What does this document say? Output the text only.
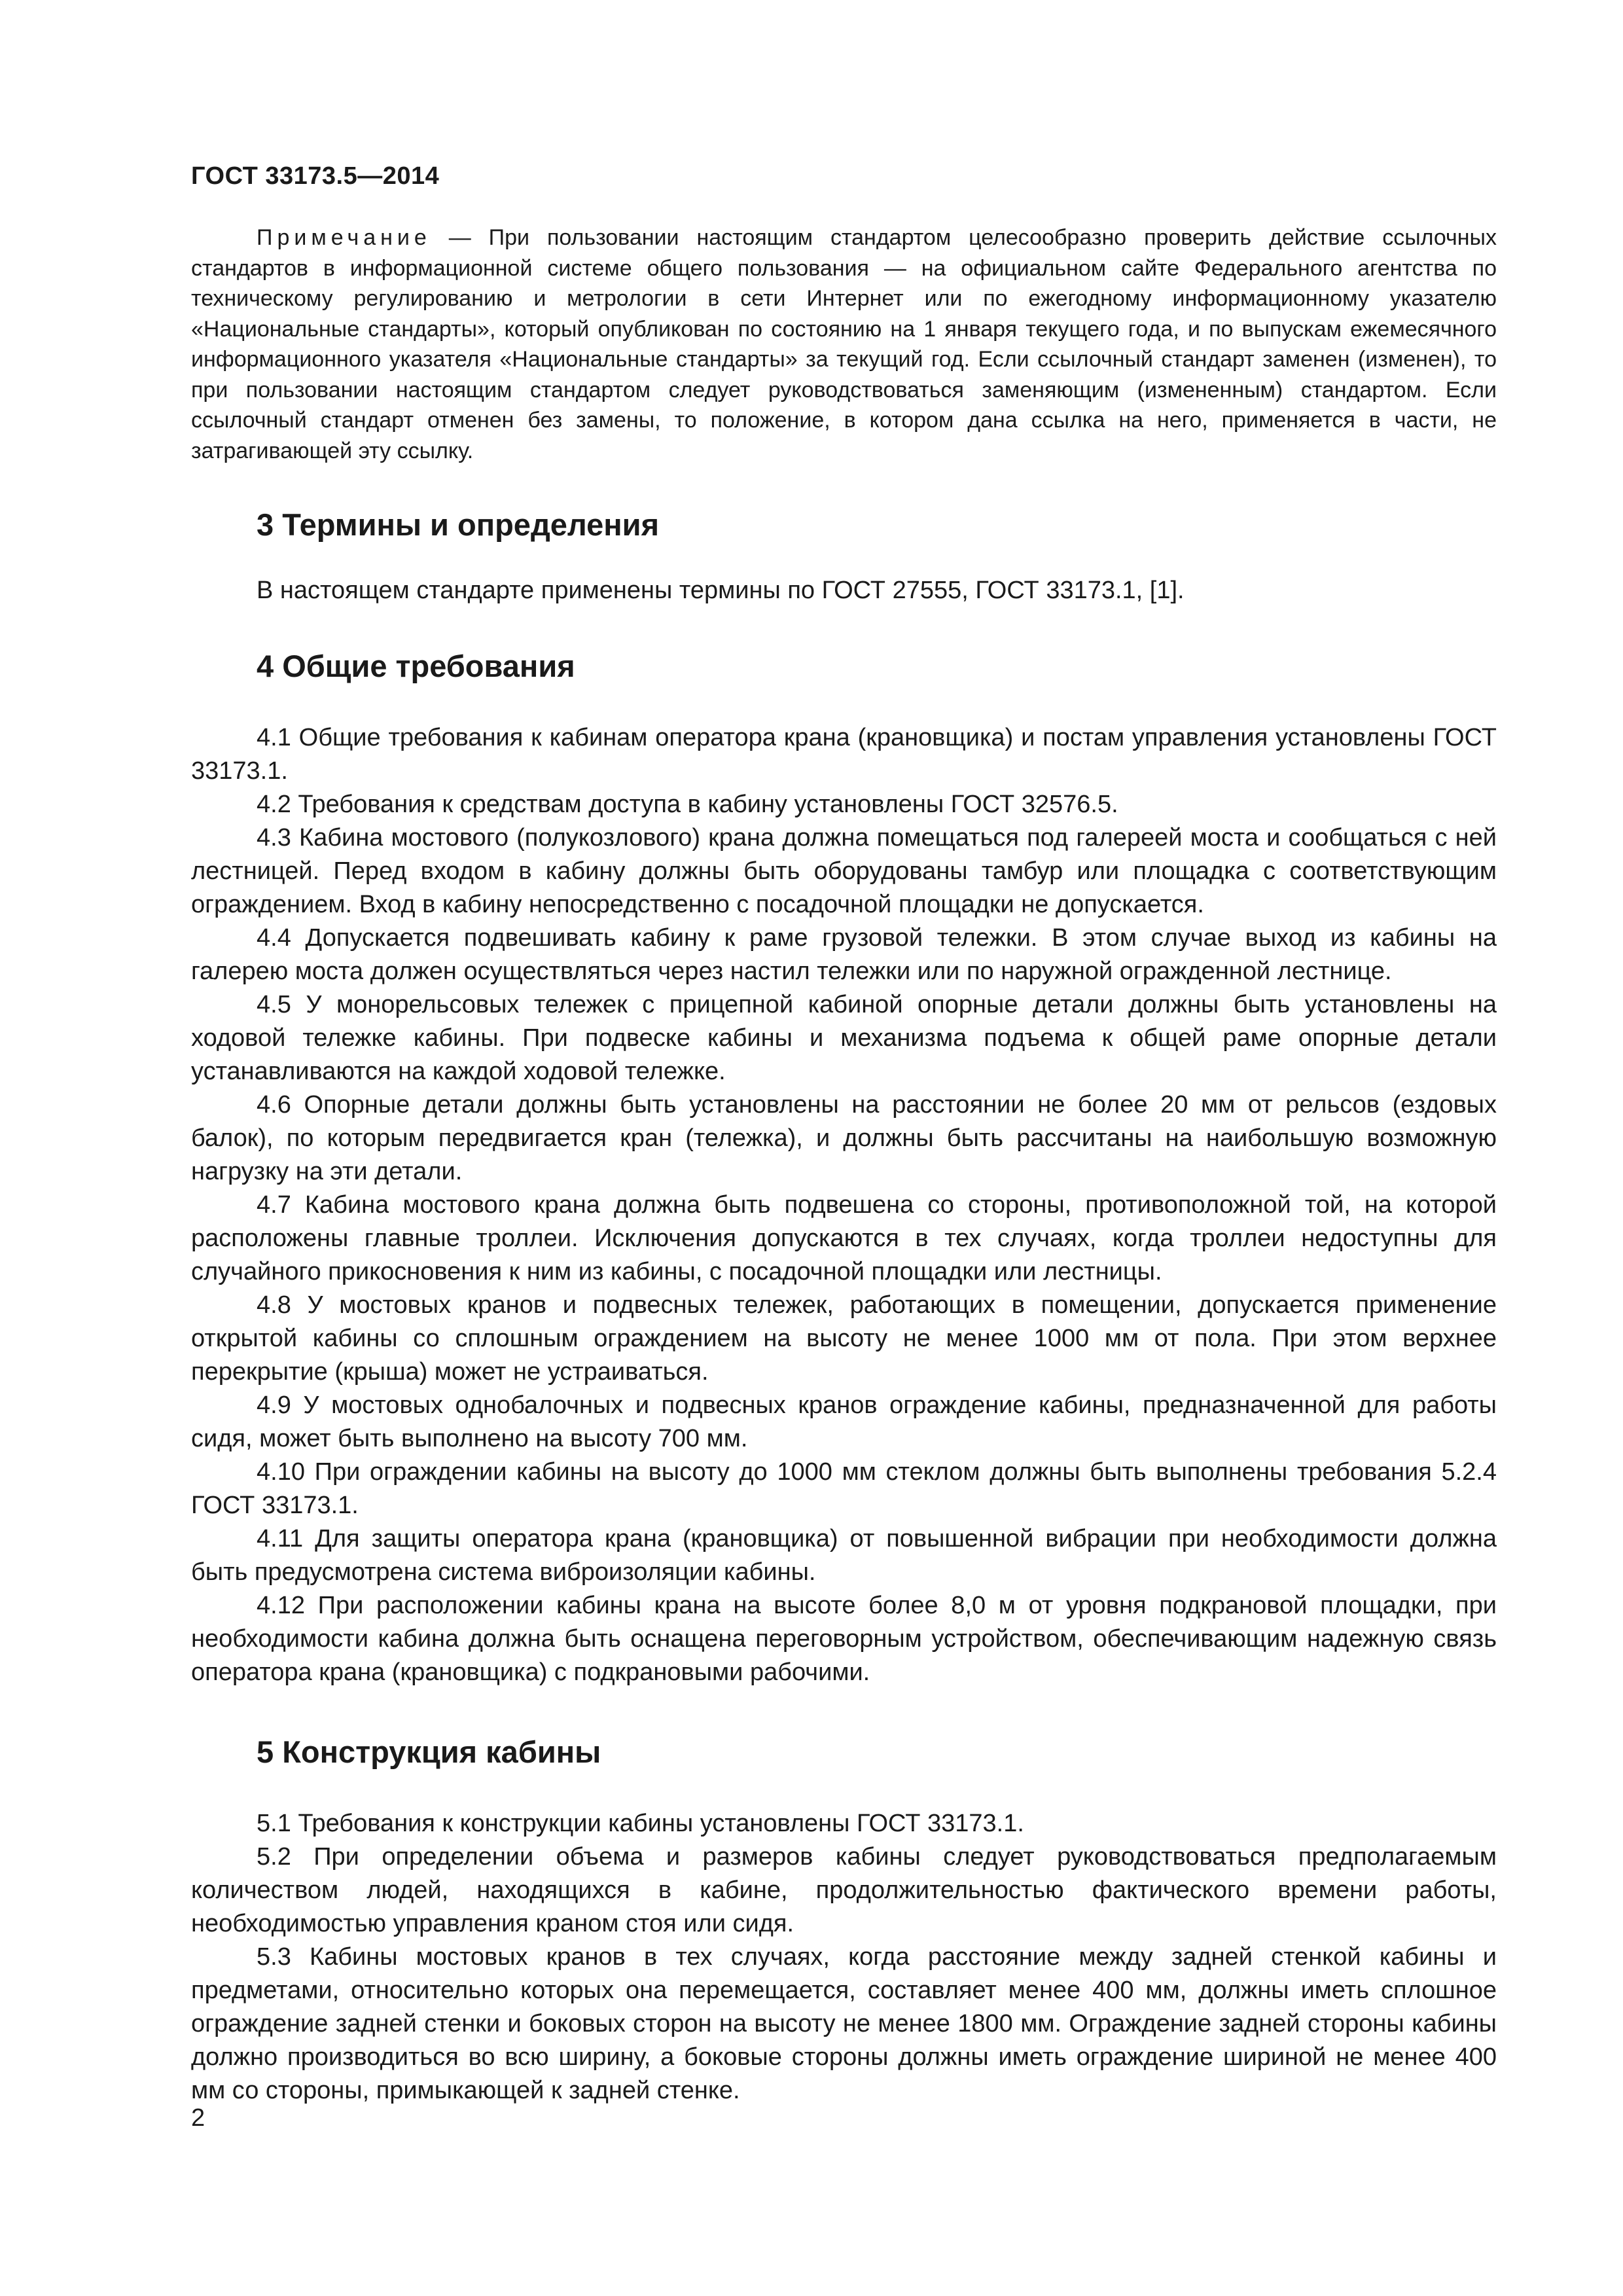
ГОСТ 33173.5—2014

Примечание — При пользовании настоящим стандартом целесообразно проверить действие ссылочных стандартов в информационной системе общего пользования — на официальном сайте Федерального агентства по техническому регулированию и метрологии в сети Интернет или по ежегодному информационному указателю «Национальные стандарты», который опубликован по состоянию на 1 января текущего года, и по выпускам ежемесячного информационного указателя «Национальные стандарты» за текущий год. Если ссылочный стандарт заменен (изменен), то при пользовании настоящим стандартом следует руководствоваться заменяющим (измененным) стандартом. Если ссылочный стандарт отменен без замены, то положение, в котором дана ссылка на него, применяется в части, не затрагивающей эту ссылку.

3 Термины и определения

В настоящем стандарте применены термины по ГОСТ 27555, ГОСТ 33173.1, [1].

4 Общие требования

4.1 Общие требования к кабинам оператора крана (крановщика) и постам управления установлены ГОСТ 33173.1.

4.2 Требования к средствам доступа в кабину установлены ГОСТ 32576.5.

4.3 Кабина мостового (полукозлового) крана должна помещаться под галереей моста и сообщаться с ней лестницей. Перед входом в кабину должны быть оборудованы тамбур или площадка с соответствующим ограждением. Вход в кабину непосредственно с посадочной площадки не допускается.

4.4 Допускается подвешивать кабину к раме грузовой тележки. В этом случае выход из кабины на галерею моста должен осуществляться через настил тележки или по наружной огражденной лестнице.

4.5 У монорельсовых тележек с прицепной кабиной опорные детали должны быть установлены на ходовой тележке кабины. При подвеске кабины и механизма подъема к общей раме опорные детали устанавливаются на каждой ходовой тележке.

4.6 Опорные детали должны быть установлены на расстоянии не более 20 мм от рельсов (ездовых балок), по которым передвигается кран (тележка), и должны быть рассчитаны на наибольшую возможную нагрузку на эти детали.

4.7 Кабина мостового крана должна быть подвешена со стороны, противоположной той, на которой расположены главные троллеи. Исключения допускаются в тех случаях, когда троллеи недоступны для случайного прикосновения к ним из кабины, с посадочной площадки или лестницы.

4.8 У мостовых кранов и подвесных тележек, работающих в помещении, допускается применение открытой кабины со сплошным ограждением на высоту не менее 1000 мм от пола. При этом верхнее перекрытие (крыша) может не устраиваться.

4.9 У мостовых однобалочных и подвесных кранов ограждение кабины, предназначенной для работы сидя, может быть выполнено на высоту 700 мм.

4.10 При ограждении кабины на высоту до 1000 мм стеклом должны быть выполнены требования 5.2.4 ГОСТ 33173.1.

4.11 Для защиты оператора крана (крановщика) от повышенной вибрации при необходимости должна быть предусмотрена система виброизоляции кабины.

4.12 При расположении кабины крана на высоте более 8,0 м от уровня подкрановой площадки, при необходимости кабина должна быть оснащена переговорным устройством, обеспечивающим надежную связь оператора крана (крановщика) с подкрановыми рабочими.

5 Конструкция кабины

5.1 Требования к конструкции кабины установлены ГОСТ 33173.1.

5.2 При определении объема и размеров кабины следует руководствоваться предполагаемым количеством людей, находящихся в кабине, продолжительностью фактического времени работы, необходимостью управления краном стоя или сидя.

5.3 Кабины мостовых кранов в тех случаях, когда расстояние между задней стенкой кабины и предметами, относительно которых она перемещается, составляет менее 400 мм, должны иметь сплошное ограждение задней стенки и боковых сторон на высоту не менее 1800 мм. Ограждение задней стороны кабины должно производиться во всю ширину, а боковые стороны должны иметь ограждение шириной не менее 400 мм со стороны, примыкающей к задней стенке.

2
